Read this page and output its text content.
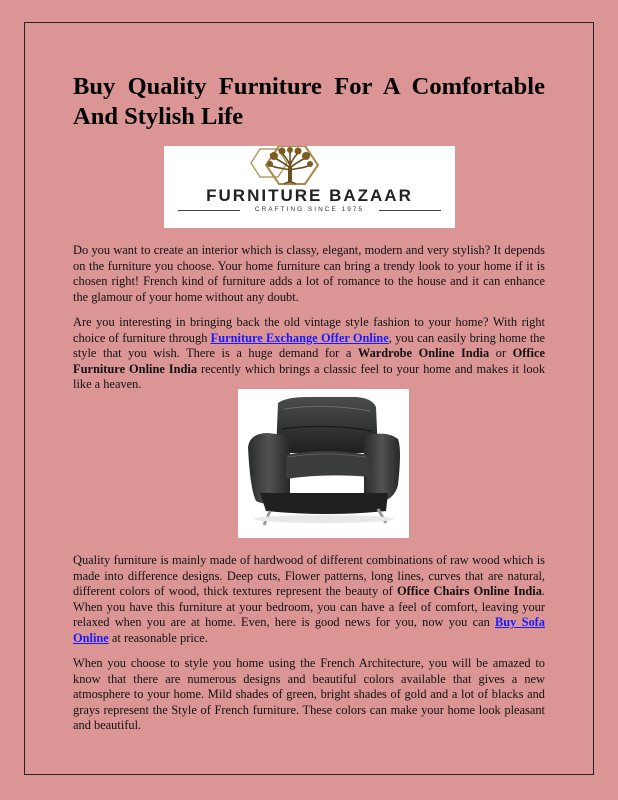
Buy Quality Furniture For A Comfortable And Stylish Life
FURNITURE BAZAAR
CRAFTING SINCE 1975

Do you want to create an interior which is classy, elegant, modern and very stylish? It depends on the furniture you choose. Your home furniture can bring a trendy look to your home if it is chosen right! French kind of furniture adds a lot of romance to the house and it can enhance the glamour of your home without any doubt.

Are you interesting in bringing back the old vintage style fashion to your home? With right choice of furniture through Furniture Exchange Offer Online, you can easily bring home the style that you wish. There is a huge demand for a Wardrobe Online India or Office Furniture Online India recently which brings a classic feel to your home and makes it look like a heaven.

Quality furniture is mainly made of hardwood of different combinations of raw wood which is made into difference designs. Deep cuts, Flower patterns, long lines, curves that are natural, different colors of wood, thick textures represent the beauty of Office Chairs Online India. When you have this furniture at your bedroom, you can have a feel of comfort, leaving your relaxed when you are at home. Even, here is good news for you, now you can Buy Sofa Online at reasonable price.

When you choose to style you home using the French Architecture, you will be amazed to know that there are numerous designs and beautiful colors available that gives a new atmosphere to your home. Mild shades of green, bright shades of gold and a lot of blacks and grays represent the Style of French furniture. These colors can make your home look pleasant and beautiful.
